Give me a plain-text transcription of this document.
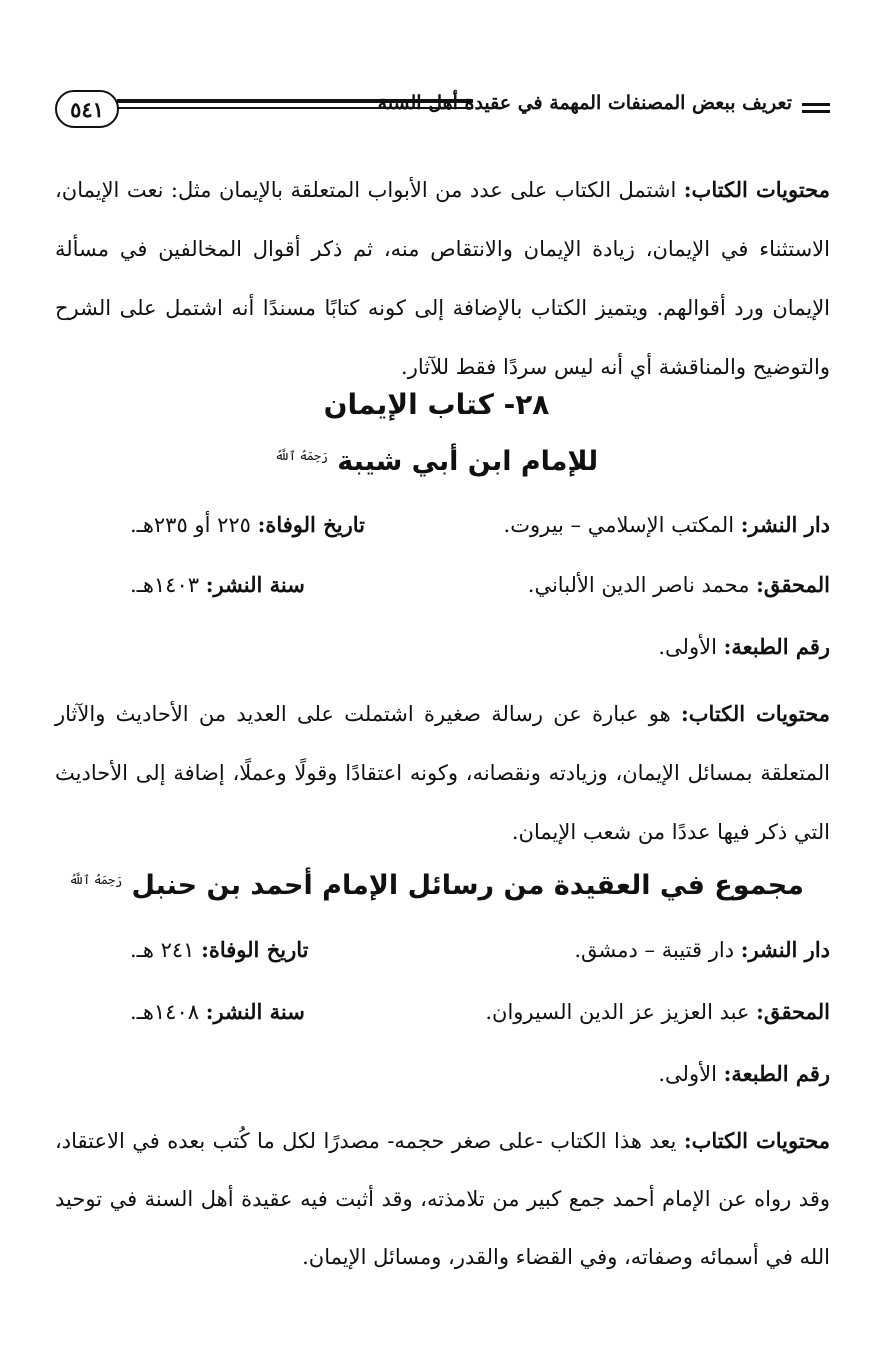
٥٤١	تعريف ببعض المصنفات المهمة في عقيدة أهل السنة
محتويات الكتاب: اشتمل الكتاب على عدد من الأبواب المتعلقة بالإيمان مثل: نعت الإيمان، الاستثناء في الإيمان، زيادة الإيمان والانتقاص منه، ثم ذكر أقوال المخالفين في مسألة الإيمان ورد أقوالهم. ويتميز الكتاب بالإضافة إلى كونه كتابًا مسندًا أنه اشتمل على الشرح والتوضيح والمناقشة أي أنه ليس سردًا فقط للآثار.
٢٨- كتاب الإيمان
للإمام ابن أبي شيبة $^{رَحِمَهُ ٱللَّهُ}$
دار النشر: المكتب الإسلامي – بيروت.
تاريخ الوفاة: ٢٢٥ أو ٢٣٥هـ.
المحقق: محمد ناصر الدين الألباني.
سنة النشر: ١٤٠٣هـ.
رقم الطبعة: الأولى.
محتويات الكتاب: هو عبارة عن رسالة صغيرة اشتملت على العديد من الأحاديث والآثار المتعلقة بمسائل الإيمان، وزيادته ونقصانه، وكونه اعتقادًا وقولًا وعملًا، إضافة إلى الأحاديث التي ذكر فيها عددًا من شعب الإيمان.
مجموع في العقيدة من رسائل الإمام أحمد بن حنبل $^{رَحِمَهُ ٱللَّهُ}$
دار النشر: دار قتيبة – دمشق.
تاريخ الوفاة: ٢٤١ هـ.
المحقق: عبد العزيز عز الدين السيروان.
سنة النشر: ١٤٠٨هـ.
رقم الطبعة: الأولى.
محتويات الكتاب: يعد هذا الكتاب -على صغر حجمه- مصدرًا لكل ما كُتب بعده في الاعتقاد، وقد رواه عن الإمام أحمد جمع كبير من تلامذته، وقد أثبت فيه عقيدة أهل السنة في توحيد الله في أسمائه وصفاته، وفي القضاء والقدر، ومسائل الإيمان.
